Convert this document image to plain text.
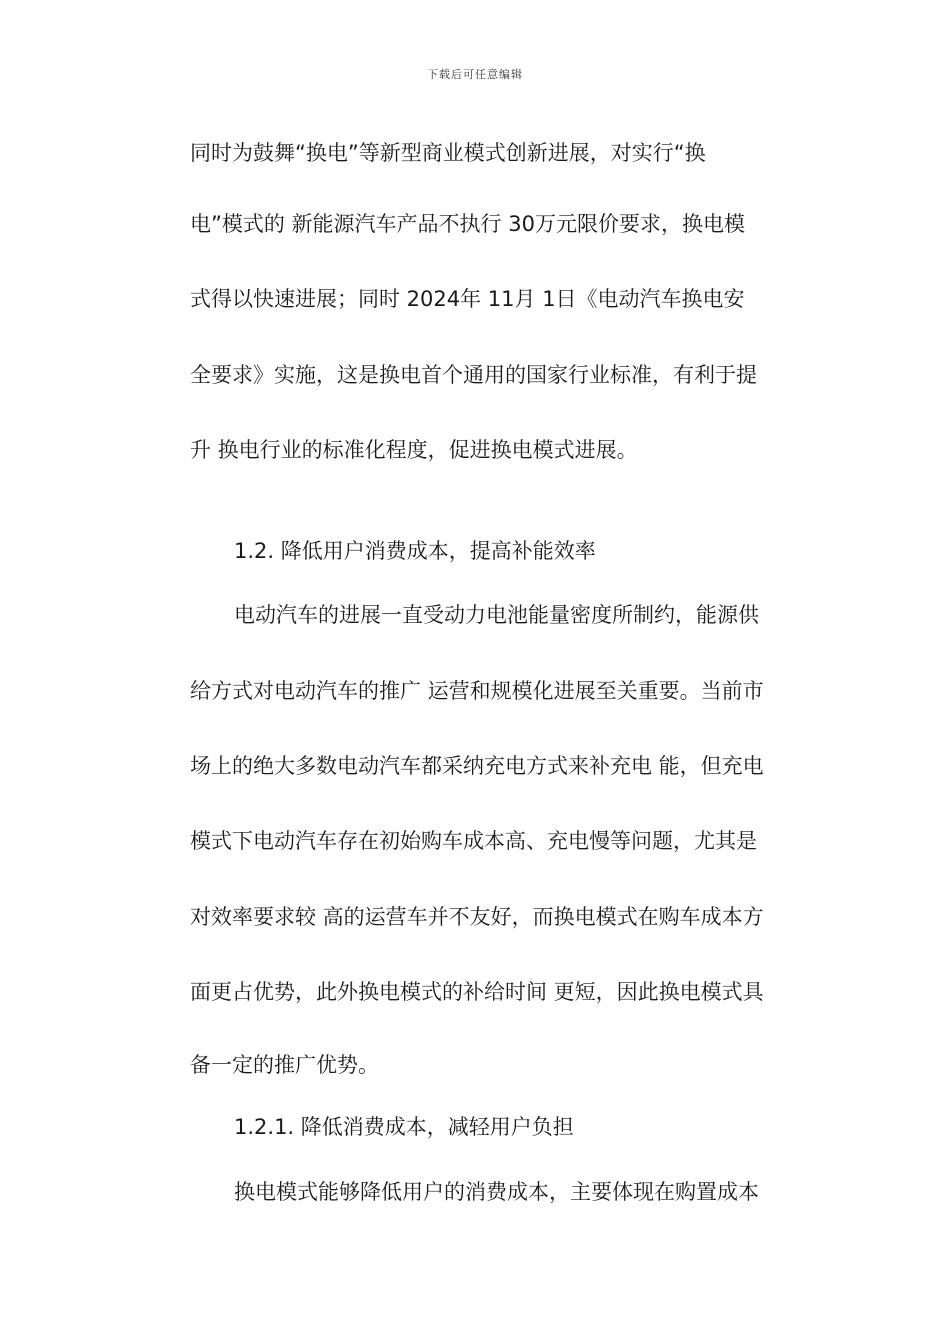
下载后可任意编辑
同时为鼓舞“换电”等新型商业模式创新进展，对实行“换
电”模式的 新能源汽车产品不执行 30万元限价要求，换电模
式得以快速进展；同时 2024年 11月 1日《电动汽车换电安
全要求》实施，这是换电首个通用的国家行业标准，有利于提
升 换电行业的标准化程度，促进换电模式进展。
1.2. 降低用户消费成本，提高补能效率
电动汽车的进展一直受动力电池能量密度所制约，能源供
给方式对电动汽车的推广 运营和规模化进展至关重要。当前市
场上的绝大多数电动汽车都采纳充电方式来补充电 能，但充电
模式下电动汽车存在初始购车成本高、充电慢等问题，尤其是
对效率要求较 高的运营车并不友好，而换电模式在购车成本方
面更占优势，此外换电模式的补给时间 更短，因此换电模式具
备一定的推广优势。
1.2.1. 降低消费成本，减轻用户负担
换电模式能够降低用户的消费成本，主要体现在购置成本
